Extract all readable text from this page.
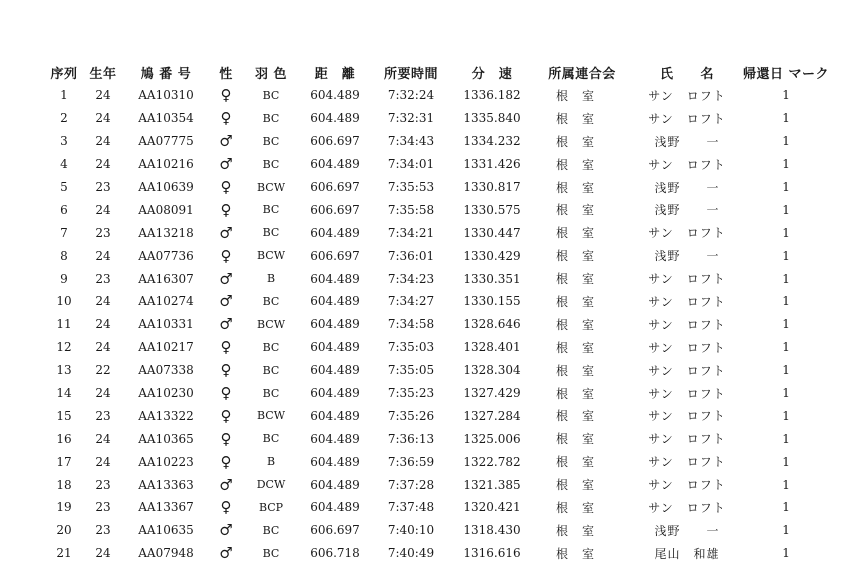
序列	生年	鳩 番 号	性	羽 色	距　離	所要時間	分　速	所属連合会	氏　　名	帰還日 マーク
1	24	AA10310	♀	BC	604.489	7:32:24	1336.182	根室	サン　ロフト	1
2	24	AA10354	♀	BC	604.489	7:32:31	1335.840	根室	サン　ロフト	1
3	24	AA07775	♂	BC	606.697	7:34:43	1334.232	根室	浅野　　一	1
4	24	AA10216	♂	BC	604.489	7:34:01	1331.426	根室	サン　ロフト	1
5	23	AA10639	♀	BCW	606.697	7:35:53	1330.817	根室	浅野　　一	1
6	24	AA08091	♀	BC	606.697	7:35:58	1330.575	根室	浅野　　一	1
7	23	AA13218	♂	BC	604.489	7:34:21	1330.447	根室	サン　ロフト	1
8	24	AA07736	♀	BCW	606.697	7:36:01	1330.429	根室	浅野　　一	1
9	23	AA16307	♂	B	604.489	7:34:23	1330.351	根室	サン　ロフト	1
10	24	AA10274	♂	BC	604.489	7:34:27	1330.155	根室	サン　ロフト	1
11	24	AA10331	♂	BCW	604.489	7:34:58	1328.646	根室	サン　ロフト	1
12	24	AA10217	♀	BC	604.489	7:35:03	1328.401	根室	サン　ロフト	1
13	22	AA07338	♀	BC	604.489	7:35:05	1328.304	根室	サン　ロフト	1
14	24	AA10230	♀	BC	604.489	7:35:23	1327.429	根室	サン　ロフト	1
15	23	AA13322	♀	BCW	604.489	7:35:26	1327.284	根室	サン　ロフト	1
16	24	AA10365	♀	BC	604.489	7:36:13	1325.006	根室	サン　ロフト	1
17	24	AA10223	♀	B	604.489	7:36:59	1322.782	根室	サン　ロフト	1
18	23	AA13363	♂	DCW	604.489	7:37:28	1321.385	根室	サン　ロフト	1
19	23	AA13367	♀	BCP	604.489	7:37:48	1320.421	根室	サン　ロフト	1
20	23	AA10635	♂	BC	606.697	7:40:10	1318.430	根室	浅野　　一	1
21	24	AA07948	♂	BC	606.718	7:40:49	1316.616	根室	尾山　和雄	1
